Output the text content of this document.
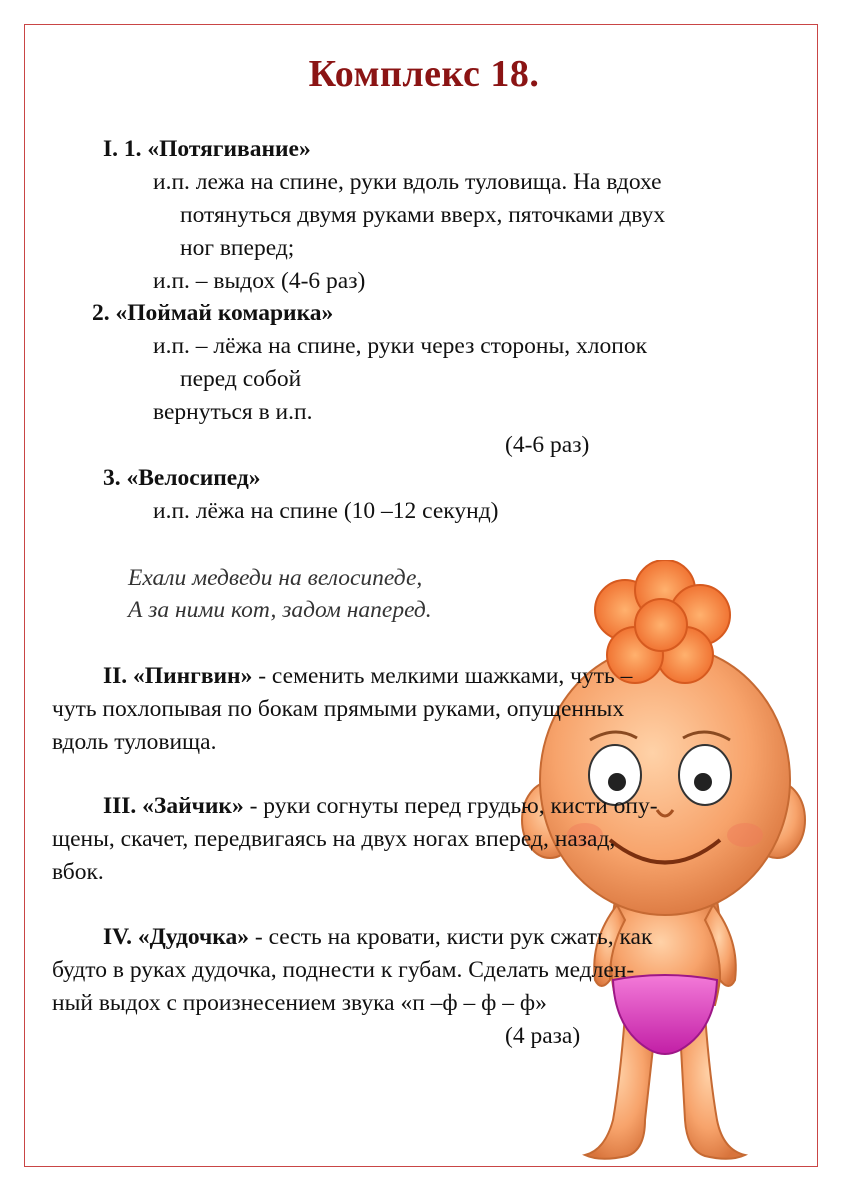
Комплекс 18.
I. 1. «Потягивание»
и.п. лежа на спине, руки вдоль туловища. На вдохе
потянуться двумя руками вверх, пяточками двух
ног вперед;
и.п. – выдох (4-6 раз)
2. «Поймай комарика»
и.п. – лёжа на спине, руки через стороны, хлопок
перед собой
вернуться в и.п.
(4-6 раз)
3. «Велосипед»
и.п. лёжа на спине (10 –12 секунд)
Ехали медведи на велосипеде,
А за ними кот, задом наперед.
II. «Пингвин» - семенить мелкими шажками, чуть –
чуть похлопывая по бокам прямыми руками, опущенных
вдоль туловища.
III. «Зайчик» - руки согнуты перед грудью, кисти опу-
щены, скачет, передвигаясь на двух ногах вперед, назад,
вбок.
IV. «Дудочка» - сесть на кровати, кисти рук сжать, как
будто в руках дудочка, поднести к губам. Сделать медлен-
ный выдох с произнесением звука «п –ф – ф – ф»
(4 раза)
